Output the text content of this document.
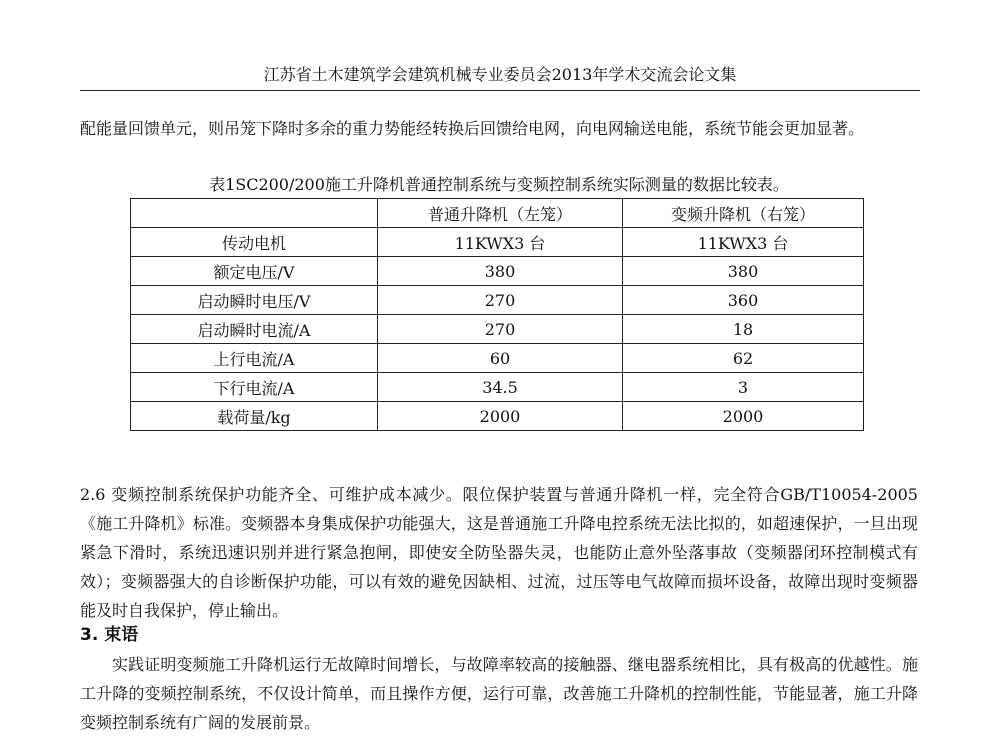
江苏省土木建筑学会建筑机械专业委员会2013年学术交流会论文集
配能量回馈单元，则吊笼下降时多余的重力势能经转换后回馈给电网，向电网输送电能，系统节能会更加显著。
表1SC200/200施工升降机普通控制系统与变频控制系统实际测量的数据比较表。
	普通升降机（左笼）	变频升降机（右笼）
传动电机	11KWX3 台	11KWX3 台
额定电压/V	380	380
启动瞬时电压/V	270	360
启动瞬时电流/A	270	18
上行电流/A	60	62
下行电流/A	34.5	3
载荷量/kg	2000	2000
2.6 变频控制系统保护功能齐全、可维护成本减少。限位保护装置与普通升降机一样，完全符合GB/T10054-2005《施工升降机》标准。变频器本身集成保护功能强大，这是普通施工升降电控系统无法比拟的，如超速保护，一旦出现紧急下滑时，系统迅速识别并进行紧急抱闸，即使安全防坠器失灵，也能防止意外坠落事故（变频器闭环控制模式有效）；变频器强大的自诊断保护功能，可以有效的避免因缺相、过流，过压等电气故障而损坏设备，故障出现时变频器能及时自我保护，停止输出。
3. 束语
实践证明变频施工升降机运行无故障时间增长，与故障率较高的接触器、继电器系统相比，具有极高的优越性。施工升降的变频控制系统，不仅设计简单，而且操作方便，运行可靠，改善施工升降机的控制性能，节能显著，施工升降变频控制系统有广阔的发展前景。
